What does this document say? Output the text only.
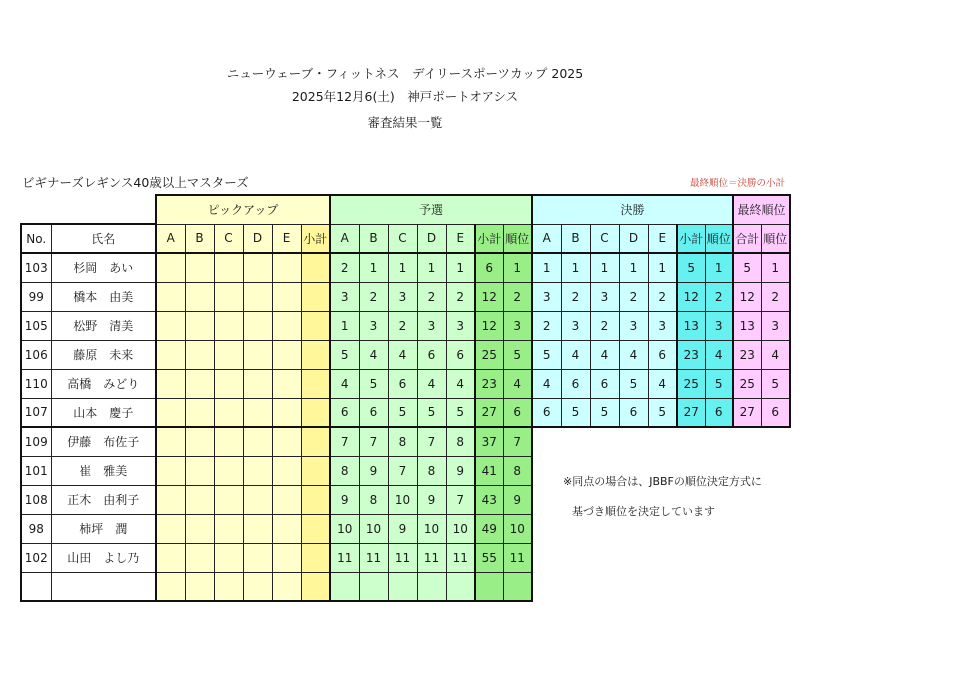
ニューウェーブ・フィットネス　デイリースポーツカップ 2025
2025年12月6(土)　神戸ポートオアシス
審査結果一覧
ビギナーズレギンス40歳以上マスターズ	最終順位＝決勝の小計
		ピックアップ						予選							決勝							最終順位	
No.	氏名	A	B	C	D	E	小計	A	B	C	D	E	小計	順位	A	B	C	D	E	小計	順位	合計	順位
103	杉岡　あい							2	1	1	1	1	6	1	1	1	1	1	1	5	1	5	1
99	橋本　由美							3	2	3	2	2	12	2	3	2	3	2	2	12	2	12	2
105	松野　清美							1	3	2	3	3	12	3	2	3	2	3	3	13	3	13	3
106	藤原　未来							5	4	4	6	6	25	5	5	4	4	4	6	23	4	23	4
110	高橋　みどり							4	5	6	4	4	23	4	4	6	6	5	4	25	5	25	5
107	山本　慶子							6	6	5	5	5	27	6	6	5	5	6	5	27	6	27	6
109	伊藤　布佐子							7	7	8	7	8	37	7									
101	崔　雅美							8	9	7	8	9	41	8									
108	正木　由利子							9	8	10	9	7	43	9									
98	柿坪　潤							10	10	9	10	10	49	10									
102	山田　よし乃							11	11	11	11	11	55	11									

※同点の場合は、JBBFの順位決定方式に
基づき順位を決定しています
